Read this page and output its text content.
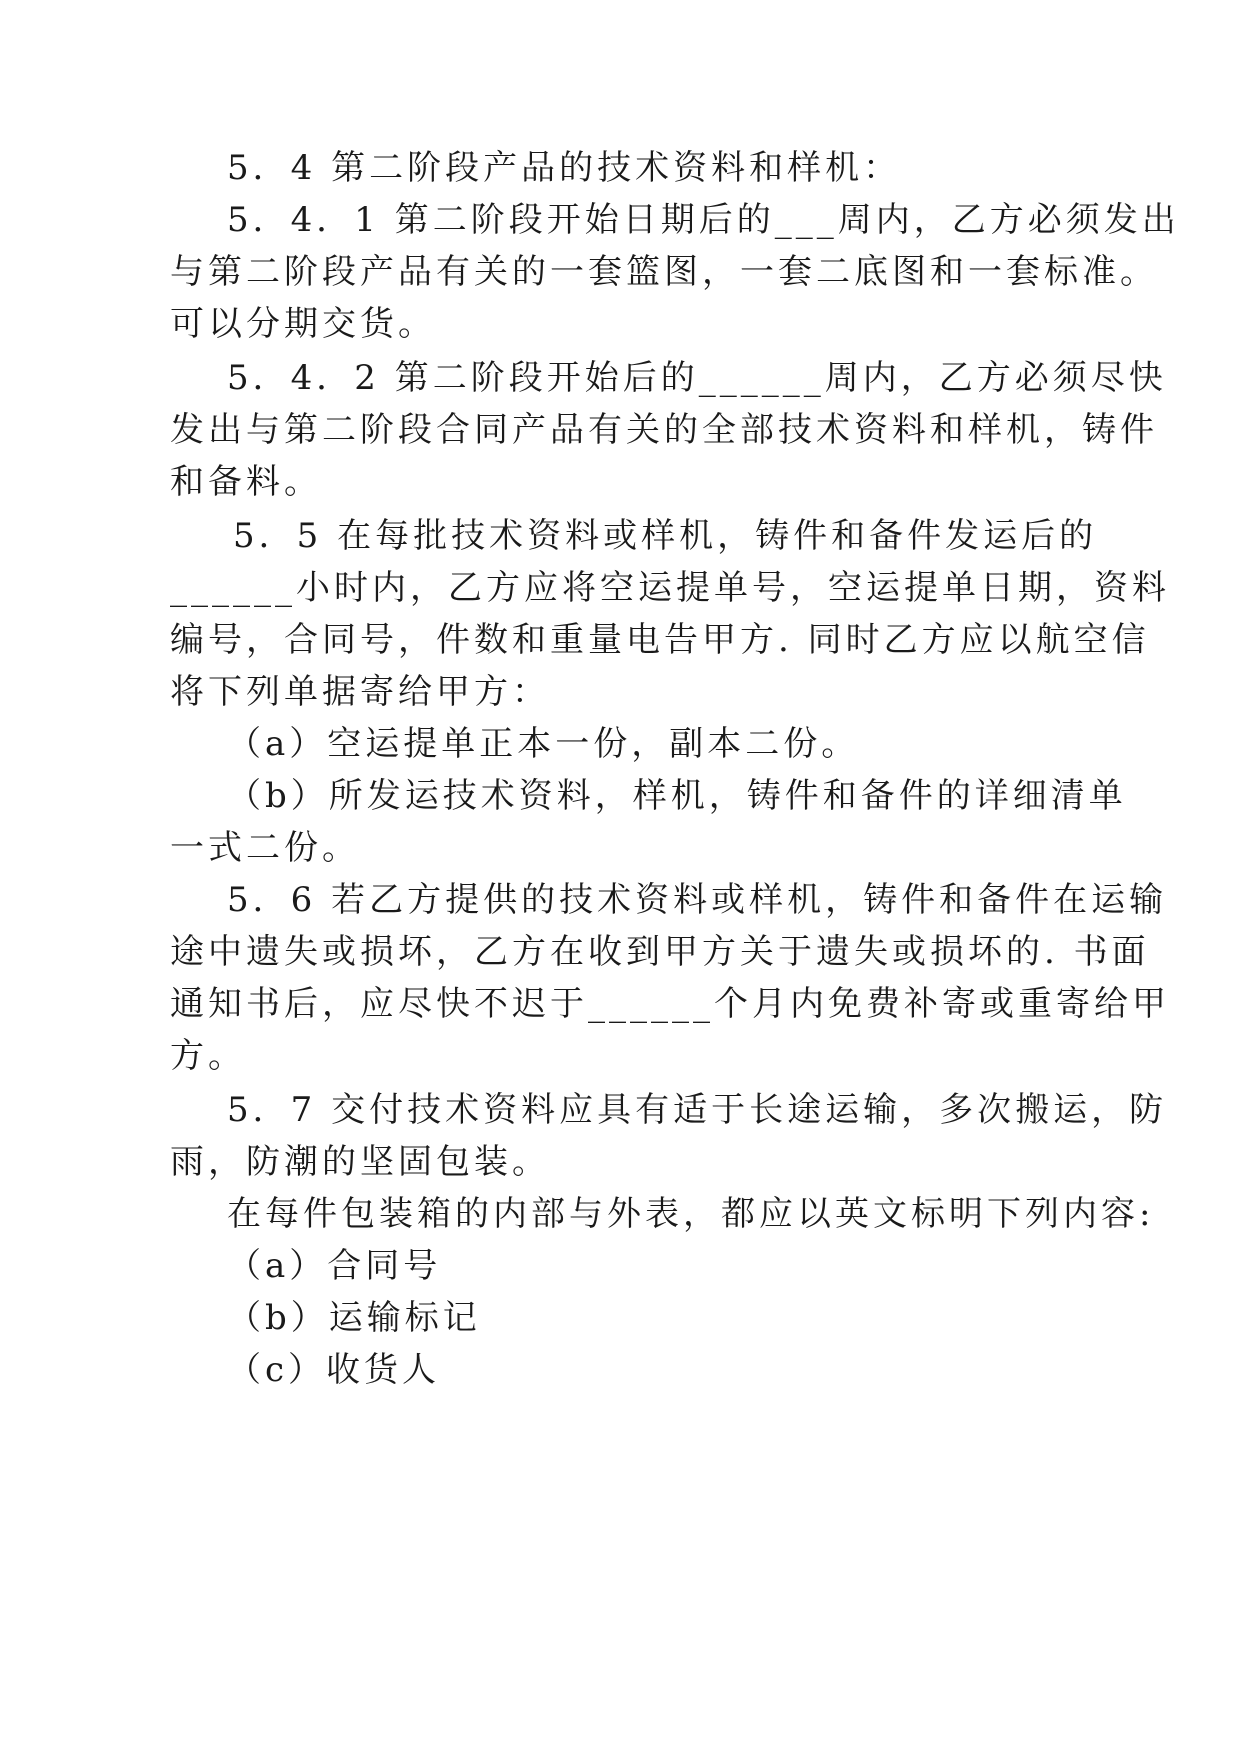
5．4 第二阶段产品的技术资料和样机：
5．4．1 第二阶段开始日期后的___周内，乙方必须发出
与第二阶段产品有关的一套篮图，一套二底图和一套标准。
可以分期交货。
5．4．2 第二阶段开始后的______周内，乙方必须尽快
发出与第二阶段合同产品有关的全部技术资料和样机，铸件
和备料。
5．5 在每批技术资料或样机，铸件和备件发运后的
______小时内，乙方应将空运提单号，空运提单日期，资料
编号，合同号，件数和重量电告甲方. 同时乙方应以航空信
将下列单据寄给甲方：
（a）空运提单正本一份，副本二份。
（b）所发运技术资料，样机，铸件和备件的详细清单
一式二份。
5．6 若乙方提供的技术资料或样机，铸件和备件在运输
途中遗失或损坏，乙方在收到甲方关于遗失或损坏的. 书面
通知书后，应尽快不迟于______个月内免费补寄或重寄给甲
方。
5．7 交付技术资料应具有适于长途运输，多次搬运，防
雨，防潮的坚固包装。
在每件包装箱的内部与外表，都应以英文标明下列内容:
（a）合同号
（b）运输标记
（c）收货人
